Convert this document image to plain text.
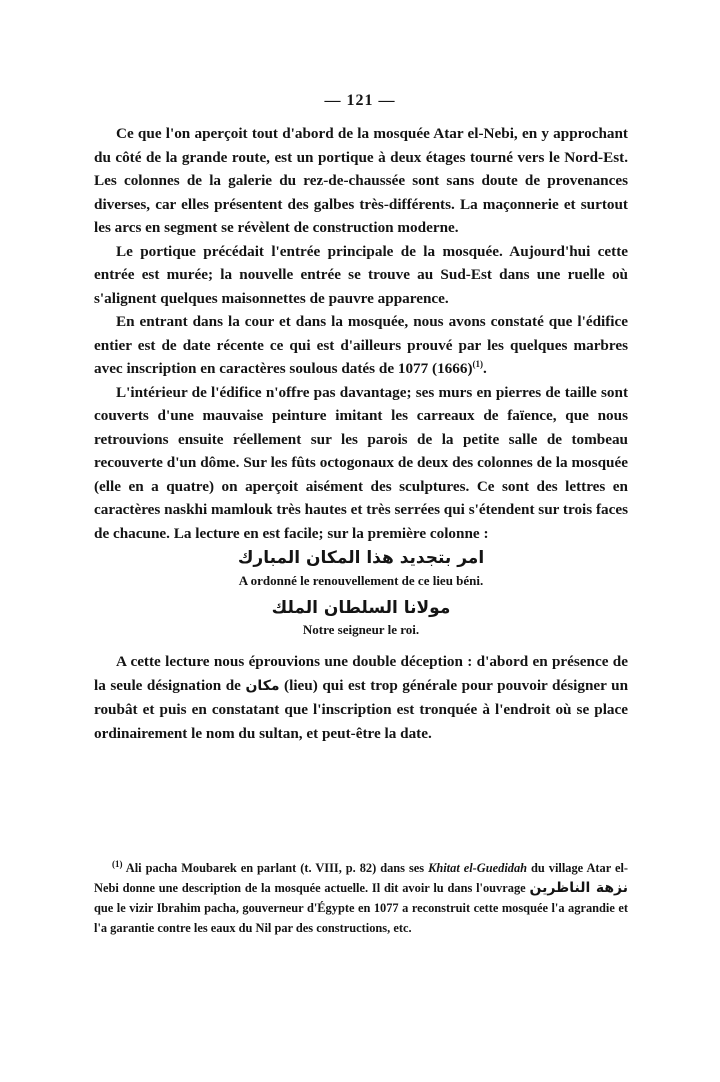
— 121 —

Ce que l'on aperçoit tout d'abord de la mosquée Atar el-Nebi, en y approchant du côté de la grande route, est un portique à deux étages tourné vers le Nord-Est. Les colonnes de la galerie du rez-de-chaussée sont sans doute de provenances diverses, car elles présentent des galbes très-différents. La maçonnerie et surtout les arcs en segment se révèlent de construction moderne.

Le portique précédait l'entrée principale de la mosquée. Aujourd'hui cette entrée est murée; la nouvelle entrée se trouve au Sud-Est dans une ruelle où s'alignent quelques maisonnettes de pauvre apparence.

En entrant dans la cour et dans la mosquée, nous avons constaté que l'édifice entier est de date récente ce qui est d'ailleurs prouvé par les quelques marbres avec inscription en caractères soulous datés de 1077 $(1666)^{(1)}$.

L'intérieur de l'édifice n'offre pas davantage; ses murs en pierres de taille sont couverts d'une mauvaise peinture imitant les carreaux de faïence, que nous retrouvions ensuite réellement sur les parois de la petite salle de tombeau recouverte d'un dôme. Sur les fûts octogonaux de deux des colonnes de la mosquée (elle en a quatre) on aperçoit aisément des sculptures. Ce sont des lettres en caractères naskhi mamlouk très hautes et très serrées qui s'étendent sur trois faces de chacune. La lecture en est facile; sur la première colonne :

امر بتجديد هذا المكان المبارك
A ordonné le renouvellement de ce lieu béni.
مولانا السلطان الملك
Notre seigneur le roi.

A cette lecture nous éprouvions une double déception : d'abord en présence de la seule désignation de مكان (lieu) qui est trop générale pour pouvoir désigner un roubât et puis en constatant que l'inscription est tronquée à l'endroit où se place ordinairement le nom du sultan, et peut-être la date.

$^{(1)}$ Ali pacha Moubarek en parlant (t. VIII, p. 82) dans ses Khitat el-Guedidah du village Atar el-Nebi donne une description de la mosquée actuelle. Il dit avoir lu dans l'ouvrage نزهة الناظرين que le vizir Ibrahim pacha, gouverneur d'Égypte en 1077 a reconstruit cette mosquée l'a agrandie et l'a garantie contre les eaux du Nil par des constructions, etc.
